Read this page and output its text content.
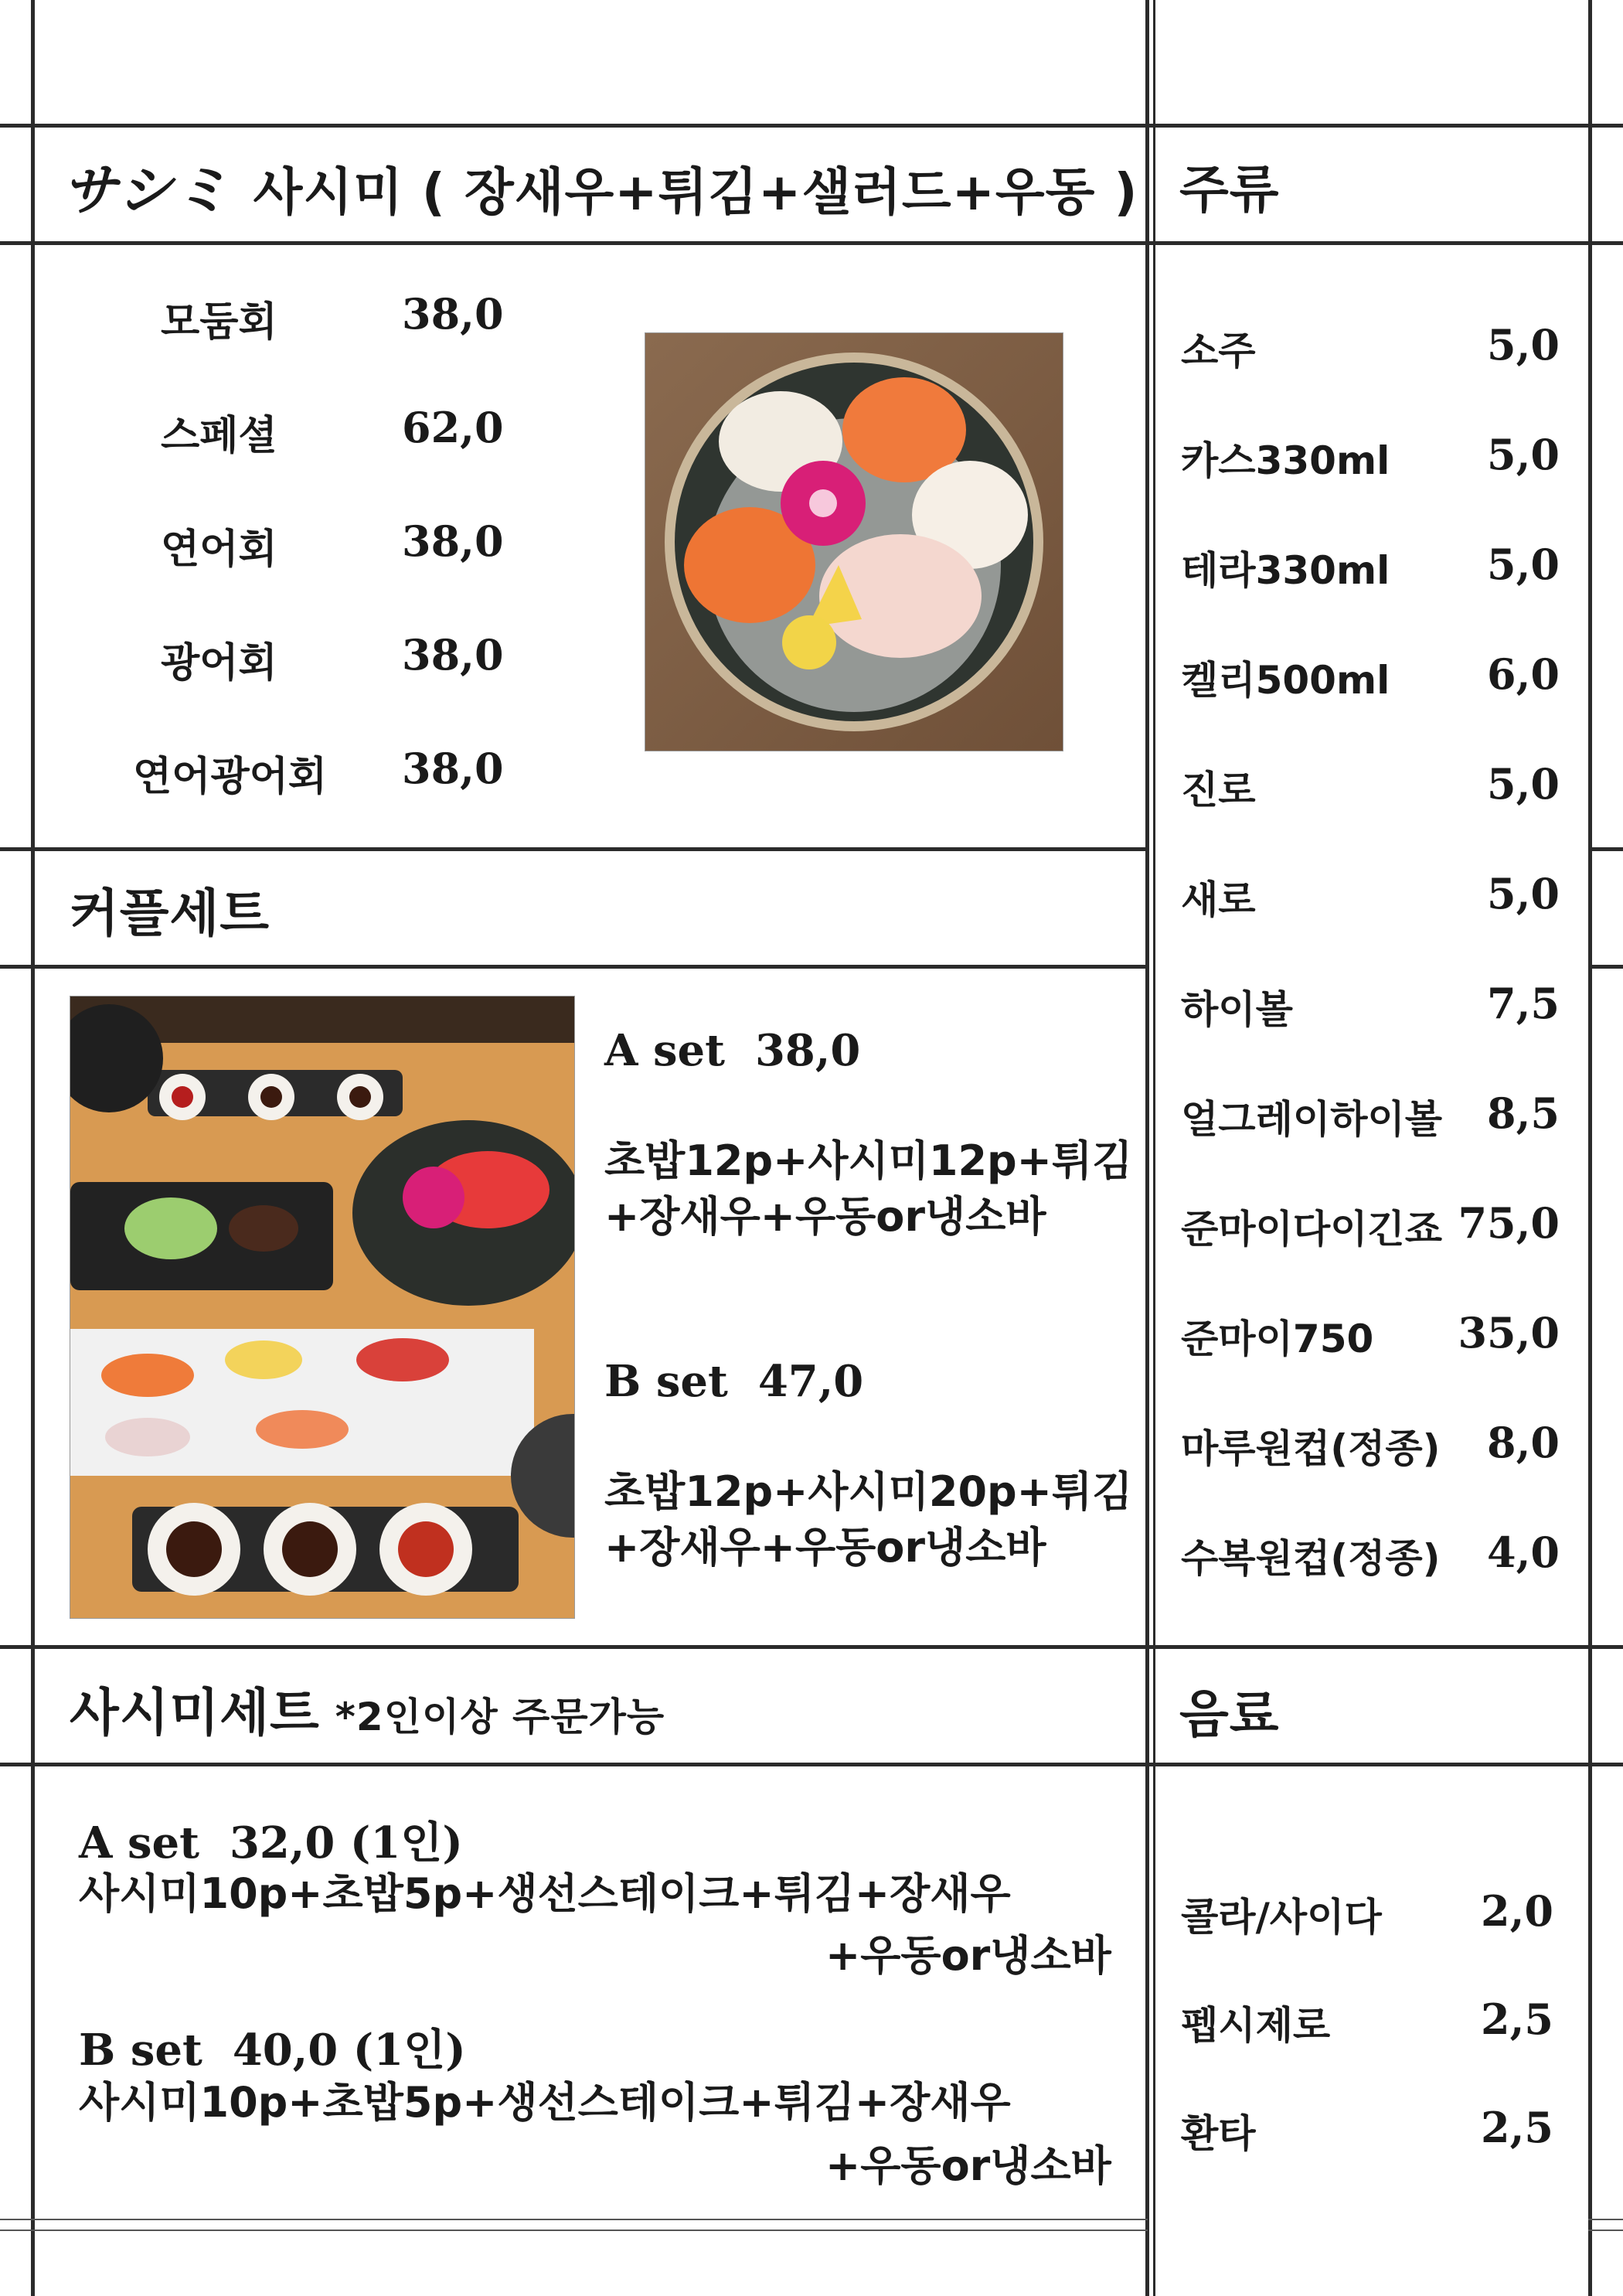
サシミ 사시미 ( 장새우+튀김+샐러드+우동 )
모둠회	38,0
스페셜	62,0
연어회	38,0
광어회	38,0
연어광어회 38,0
커플세트
A set  38,0
초밥12p+사시미12p+튀김
+장새우+우동or냉소바
B set  47,0
초밥12p+사시미20p+튀김
+장새우+우동or냉소바
사시미세트 *2인이상 주문가능
A set  32,0 (1인)
사시미10p+초밥5p+생선스테이크+튀김+장새우
+우동or냉소바
B set  40,0 (1인)
사시미10p+초밥5p+생선스테이크+튀김+장새우
+우동or냉소바
주류
소주	5,0
카스330ml 5,0
테라330ml 5,0
켈리500ml 6,0
진로	5,0
새로	5,0
하이볼	7,5
얼그레이하이볼 8,5
준마이다이긴죠 75,0
준마이750 35,0
마루원컵(정종) 8,0
수복원컵(정종) 4,0
음료
콜라/사이다 2,0
펩시제로	2,5
환타	2,5
